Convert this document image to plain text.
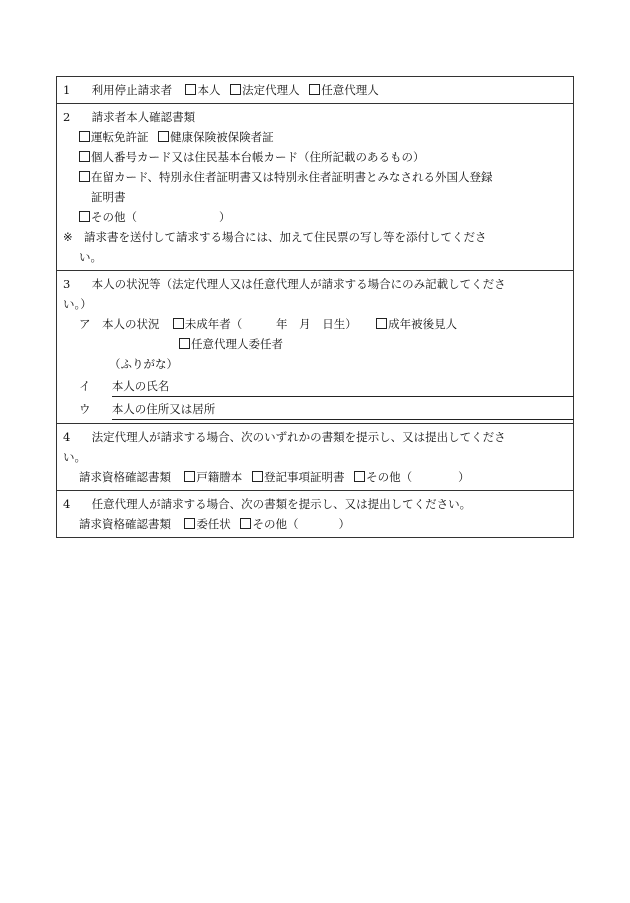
1 利用停止請求者 本人 法定代理人 任意代理人
2 請求者本人確認書類
運転免許証 健康保険被保険者証
個人番号カード又は住民基本台帳カード（住所記載のあるもの）
在留カード、特別永住者証明書又は特別永住者証明書とみなされる外国人登録
証明書
その他（	）
※ 請求書を送付して請求する場合には、加えて住民票の写し等を添付してくださ
い。
3 本人の状況等（法定代理人又は任意代理人が請求する場合にのみ記載してくださ
い。）
ア　本人の状況 未成年者（	年 月 日生）	成年被後見人
任意代理人委任者
（ふりがな）
イ 本人の氏名
ウ 本人の住所又は居所
4 法定代理人が請求する場合、次のいずれかの書類を提示し、又は提出してくださ
い。
請求資格確認書類 戸籍謄本 登記事項証明書 その他（	）
4 任意代理人が請求する場合、次の書類を提示し、又は提出してください。
請求資格確認書類 委任状 その他（	）
